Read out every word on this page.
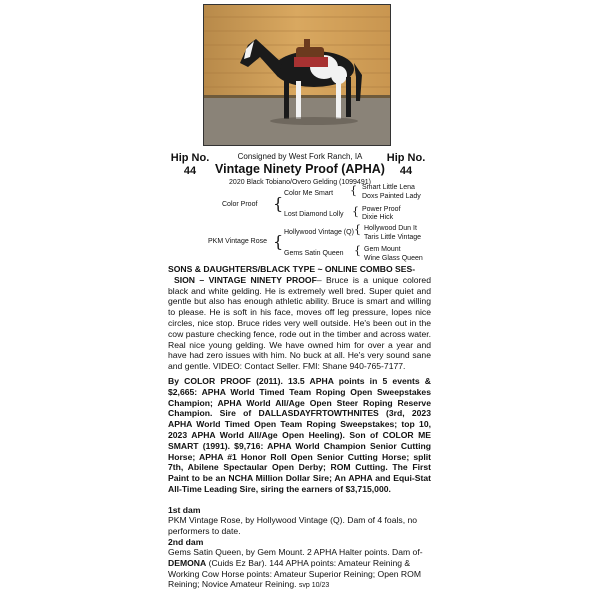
Hip No.
44
Hip No.
44
Consigned by West Fork Ranch, IA
Vintage Ninety Proof (APHA)
2020 Black Tobiano/Overo Gelding (1099491)
Color Proof {
Color Me Smart
Lost Diamond Lolly
{ Smart Little Lena
Doxs Painted Lady
{ Power Proof
Dixie Hick
PKM Vintage Rose { Hollywood Vintage (Q)
Gems Satin Queen
{ Hollywood Dun It
Taris Little Vintage
{ Gem Mount
Wine Glass Queen
SONS & DAUGHTERS/BLACK TYPE ~ ONLINE COMBO SES-
SION – VINTAGE NINETY PROOF– Bruce is a unique colored black and white gelding. He is extremely well bred. Super quiet and gentle but also has enough athletic ability. Bruce is smart and willing to please. He is soft in his face, moves off leg pressure, lopes nice circles, nice stop. Bruce rides very well outside. He's been out in the cow pasture checking fence, rode out in the timber and across water. Real nice young gelding. We have owned him for over a year and have had zero issues with him. No buck at all. He's very sound sane and gentle. VIDEO: Contact Seller. FMI: Shane 940-765-7177.
By COLOR PROOF (2011). 13.5 APHA points in 5 events & $2,665: APHA World Timed Team Roping Open Sweepstakes Champion; APHA World All/Age Open Steer Roping Reserve Champion. Sire of DALLASDAYFRTOWTHNITES (3rd, 2023 APHA World Timed Open Team Roping Sweepstakes; top 10, 2023 APHA World All/Age Open Heeling). Son of COLOR ME SMART (1991). $9,716: APHA World Champion Senior Cutting Horse; APHA #1 Honor Roll Open Senior Cutting Horse; split 7th, Abilene Spectaular Open Derby; ROM Cutting. The First Paint to be an NCHA Million Dollar Sire; An APHA and Equi-Stat All-Time Leading Sire, siring the earners of $3,715,000.
1st dam
PKM Vintage Rose, by Hollywood Vintage (Q). Dam of 4 foals, no performers to date.
2nd dam
Gems Satin Queen, by Gem Mount. 2 APHA Halter points. Dam of-
DEMONA (Cuids Ez Bar). 144 APHA points: Amateur Reining & Working Cow Horse points: Amateur Superior Reining; Open ROM Reining; Novice Amateur Reining. svp 10/23
